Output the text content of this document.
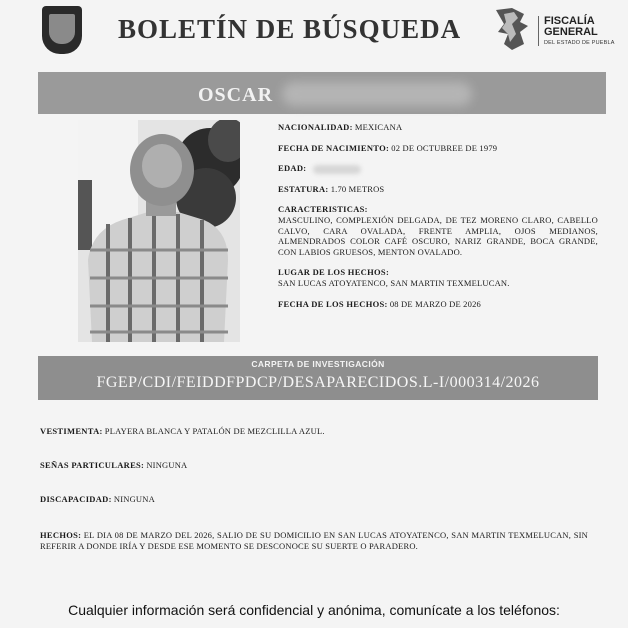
BOLETÍN DE BÚSQUEDA	FISCALÍA
GENERAL
DEL ESTADO DE PUEBLA
OSCAR
NACIONALIDAD: MEXICANA
FECHA DE NACIMIENTO: 02 DE OCTUBREE DE 1979
EDAD:
ESTATURA: 1.70 METROS
CARACTERISTICAS:
MASCULINO, COMPLEXIÓN DELGADA, DE TEZ MORENO CLARO, CABELLO CALVO, CARA OVALADA, FRENTE AMPLIA, OJOS MEDIANOS, ALMENDRADOS COLOR CAFÉ OSCURO, NARIZ GRANDE, BOCA GRANDE, CON LABIOS GRUESOS, MENTON OVALADO.
LUGAR DE LOS HECHOS:
SAN LUCAS ATOYATENCO, SAN MARTIN TEXMELUCAN.
FECHA DE LOS HECHOS: 08 DE MARZO DE 2026
CARPETA DE INVESTIGACIÓN
FGEP/CDI/FEIDDFPDCP/DESAPARECIDOS.L-I/000314/2026
VESTIMENTA: PLAYERA BLANCA Y PATALÓN DE MEZCLILLA AZUL.
SEÑAS PARTICULARES: NINGUNA
DISCAPACIDAD: NINGUNA
HECHOS: EL DIA 08 DE MARZO DEL 2026, SALIO DE SU DOMICILIO EN SAN LUCAS ATOYATENCO, SAN MARTIN TEXMELUCAN, SIN REFERIR A DONDE IRÍA Y DESDE ESE MOMENTO SE DESCONOCE SU SUERTE O PARADERO.
Cualquier información será confidencial y anónima, comunícate a los teléfonos:
